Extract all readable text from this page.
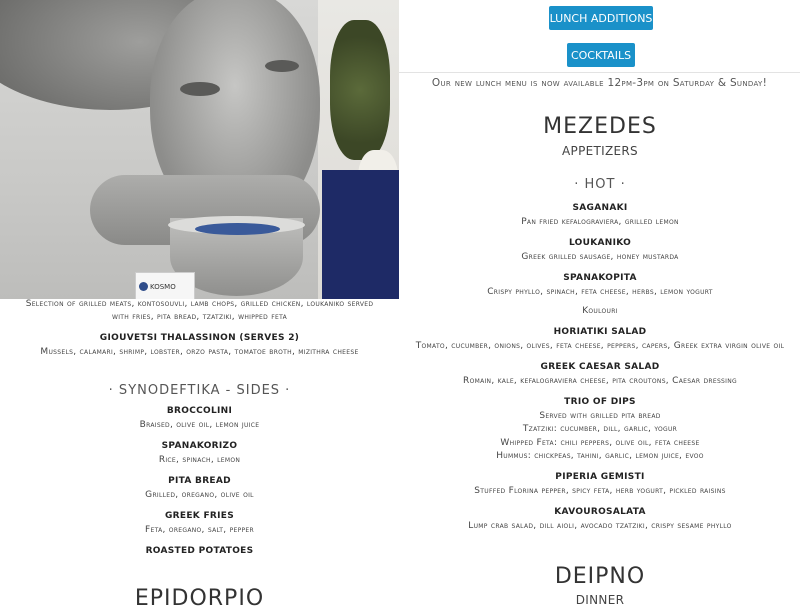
KOSMO
LUNCH ADDITIONS
COCKTAILS
Our new lunch menu is now available 12pm-3pm on Saturday & Sunday!
MEZEDES
APPETIZERS
· HOT ·
SAGANAKI
Pan fried kefalograviera, grilled lemon
LOUKANIKO
Greek grilled sausage, honey mustarda
SPANAKOPITA
Crispy phyllo, spinach, feta cheese, herbs, lemon yogurt
Koulouri
HORIATIKI SALAD
Tomato, cucumber, onions, olives, feta cheese, peppers, capers, Greek extra virgin olive oil
GREEK CAESAR SALAD
Romain, kale, kefalograviera cheese, pita croutons, Caesar dressing
TRIO OF DIPS
Served with grilled pita bread
Tzatziki: cucumber, dill, garlic, yogur
Whipped Feta: chili peppers, olive oil, feta cheese
Hummus: chickpeas, tahini, garlic, lemon juice, evoo
PIPERIA GEMISTI
Stuffed Florina pepper, spicy feta, herb yogurt, pickled raisins
KAVOUROSALATA
Lump crab salad, dill aioli, avocado tzatziki, crispy sesame phyllo
DEIPNO
DINNER
Selection of grilled meats, kontosouvli, lamb chops, grilled chicken, loukaniko served
with fries, pita bread, tzatziki, whipped feta
GIOUVETSI THALASSINON (SERVES 2)
Mussels, calamari, shrimp, lobster, orzo pasta, tomatoe broth, mizithra cheese
· SYNODEFTIKA - SIDES ·
BROCCOLINI
Braised, olive oil, lemon juice
SPANAKORIZO
Rice, spinach, lemon
PITA BREAD
Grilled, oregano, olive oil
GREEK FRIES
Feta, oregano, salt, pepper
ROASTED POTATOES
EPIDORPIO
